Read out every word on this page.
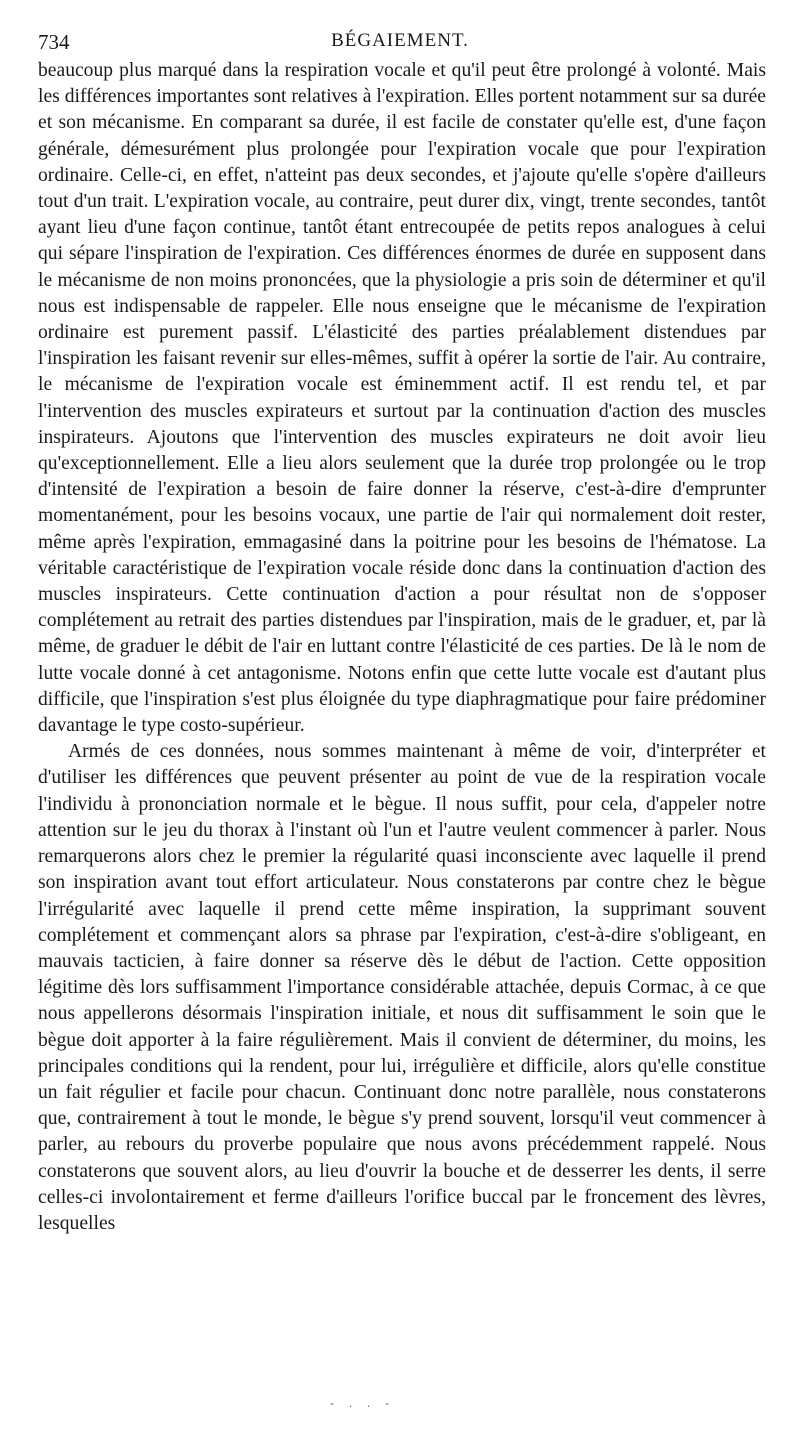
734	BÉGAIEMENT.

beaucoup plus marqué dans la respiration vocale et qu'il peut être prolongé à volonté. Mais les différences importantes sont relatives à l'expiration. Elles portent notamment sur sa durée et son mécanisme. En comparant sa durée, il est facile de constater qu'elle est, d'une façon générale, démesurément plus prolongée pour l'expiration vocale que pour l'expiration ordinaire. Celle-ci, en effet, n'atteint pas deux secondes, et j'ajoute qu'elle s'opère d'ailleurs tout d'un trait. L'expiration vocale, au contraire, peut durer dix, vingt, trente secondes, tantôt ayant lieu d'une façon continue, tantôt étant entrecoupée de petits repos analogues à celui qui sépare l'inspiration de l'expiration. Ces différences énormes de durée en supposent dans le mécanisme de non moins prononcées, que la physiologie a pris soin de déterminer et qu'il nous est indispensable de rappeler. Elle nous enseigne que le mécanisme de l'expiration ordinaire est purement passif. L'élasticité des parties préalablement distendues par l'inspiration les faisant revenir sur elles-mêmes, suffit à opérer la sortie de l'air. Au contraire, le mécanisme de l'expiration vocale est éminemment actif. Il est rendu tel, et par l'intervention des muscles expirateurs et surtout par la continuation d'action des muscles inspirateurs. Ajoutons que l'intervention des muscles expirateurs ne doit avoir lieu qu'exceptionnellement. Elle a lieu alors seulement que la durée trop prolongée ou le trop d'intensité de l'expiration a besoin de faire donner la réserve, c'est-à-dire d'emprunter momentanément, pour les besoins vocaux, une partie de l'air qui normalement doit rester, même après l'expiration, emmagasiné dans la poitrine pour les besoins de l'hématose. La véritable caractéristique de l'expiration vocale réside donc dans la continuation d'action des muscles inspirateurs. Cette continuation d'action a pour résultat non de s'opposer complétement au retrait des parties distendues par l'inspiration, mais de le graduer, et, par là même, de graduer le débit de l'air en luttant contre l'élasticité de ces parties. De là le nom de lutte vocale donné à cet antagonisme. Notons enfin que cette lutte vocale est d'autant plus difficile, que l'inspiration s'est plus éloignée du type diaphragmatique pour faire prédominer davantage le type costo-supérieur.

Armés de ces données, nous sommes maintenant à même de voir, d'interpréter et d'utiliser les différences que peuvent présenter au point de vue de la respiration vocale l'individu à prononciation normale et le bègue. Il nous suffit, pour cela, d'appeler notre attention sur le jeu du thorax à l'instant où l'un et l'autre veulent commencer à parler. Nous remarquerons alors chez le premier la régularité quasi inconsciente avec laquelle il prend son inspiration avant tout effort articulateur. Nous constaterons par contre chez le bègue l'irrégularité avec laquelle il prend cette même inspiration, la supprimant souvent complétement et commençant alors sa phrase par l'expiration, c'est-à-dire s'obligeant, en mauvais tacticien, à faire donner sa réserve dès le début de l'action. Cette opposition légitime dès lors suffisamment l'importance considérable attachée, depuis Cormac, à ce que nous appellerons désormais l'inspiration initiale, et nous dit suffisamment le soin que le bègue doit apporter à la faire régulièrement. Mais il convient de déterminer, du moins, les principales conditions qui la rendent, pour lui, irrégulière et difficile, alors qu'elle constitue un fait régulier et facile pour chacun. Continuant donc notre parallèle, nous constaterons que, contrairement à tout le monde, le bègue s'y prend souvent, lorsqu'il veut commencer à parler, au rebours du proverbe populaire que nous avons précédemment rappelé. Nous constaterons que souvent alors, au lieu d'ouvrir la bouche et de desserrer les dents, il serre celles-ci involontairement et ferme d'ailleurs l'orifice buccal par le froncement des lèvres, lesquelles

- . . -
